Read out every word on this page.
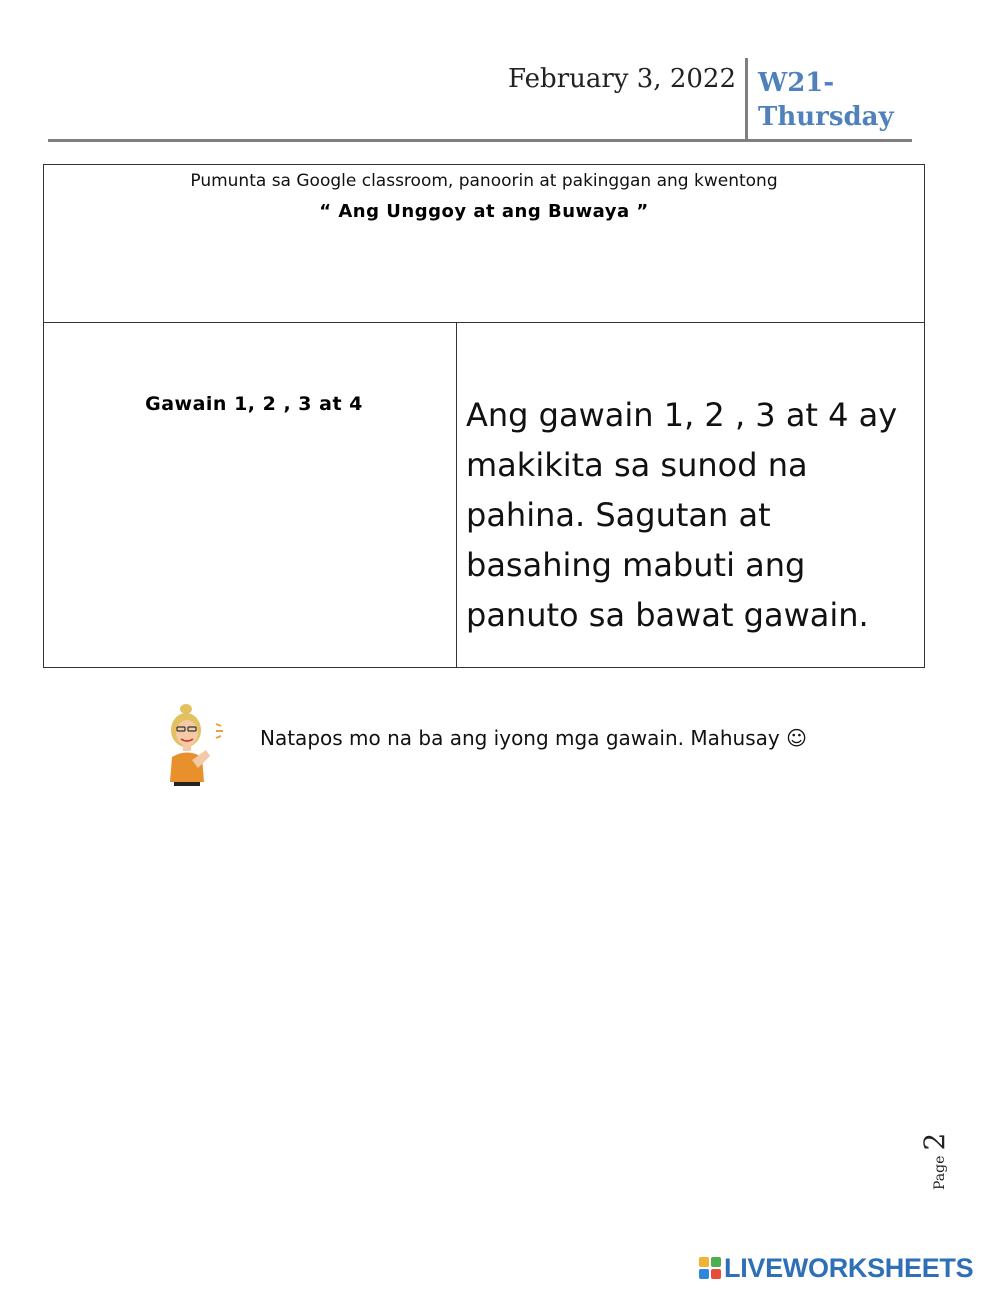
February 3, 2022 W21-
Thursday
Pumunta sa Google classroom, panoorin at pakinggan ang kwentong
“ Ang Unggoy at ang Buwaya ”
Gawain 1, 2 , 3 at 4	Ang gawain 1, 2 , 3 at 4 ay makikita sa sunod na pahina. Sagutan at basahing mabuti ang panuto sa bawat gawain.
Natapos mo na ba ang iyong mga gawain. Mahusay ☺
Page 2
LIVEWORKSHEETS
